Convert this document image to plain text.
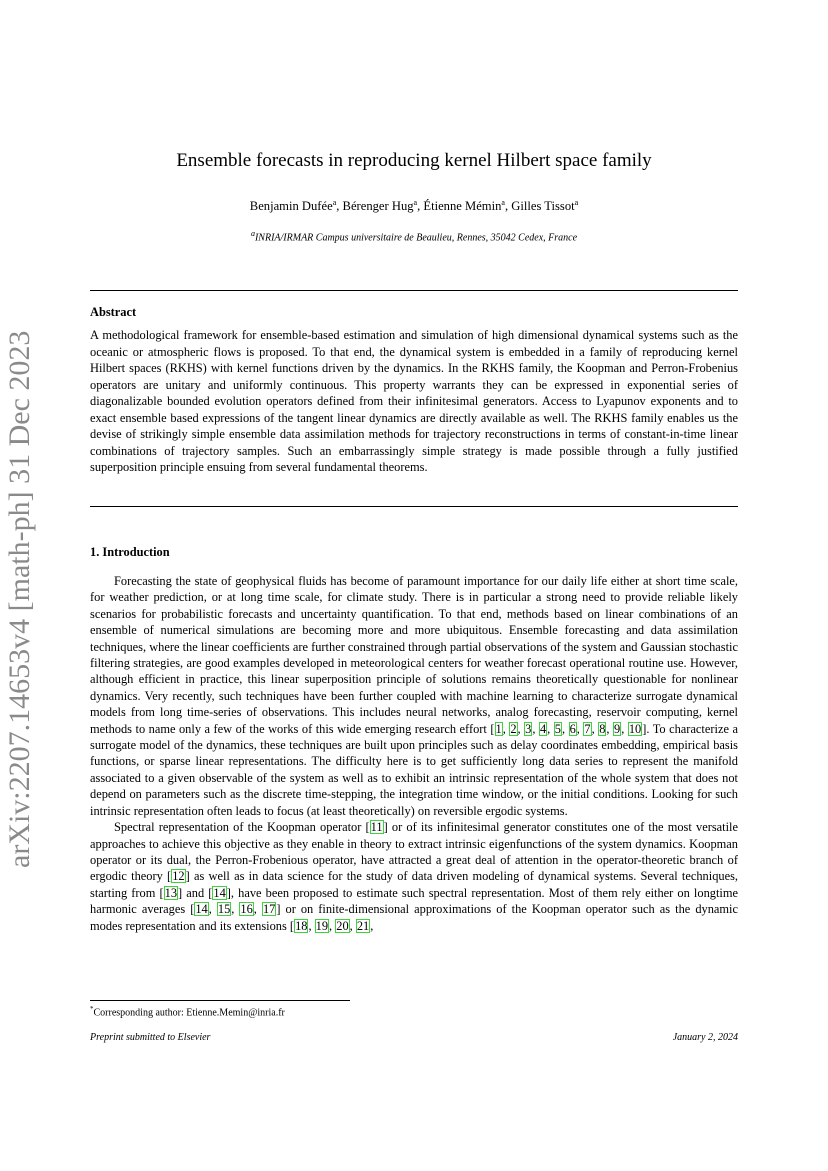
arXiv:2207.14653v4 [math-ph] 31 Dec 2023
Ensemble forecasts in reproducing kernel Hilbert space family
Benjamin Dufée$^a$, Bérenger Hug$^a$, Étienne Mémin$^a$, Gilles Tissot$^a$
$^a$INRIA/IRMAR Campus universitaire de Beaulieu, Rennes, 35042 Cedex, France
Abstract
A methodological framework for ensemble-based estimation and simulation of high dimensional dynamical systems such as the oceanic or atmospheric flows is proposed. To that end, the dynamical system is embedded in a family of reproducing kernel Hilbert spaces (RKHS) with kernel functions driven by the dynamics. In the RKHS family, the Koopman and Perron-Frobenius operators are unitary and uniformly continuous. This property warrants they can be expressed in exponential series of diagonalizable bounded evolution operators defined from their infinitesimal generators. Access to Lyapunov exponents and to exact ensemble based expressions of the tangent linear dynamics are directly available as well. The RKHS family enables us the devise of strikingly simple ensemble data assimilation methods for trajectory reconstructions in terms of constant-in-time linear combinations of trajectory samples. Such an embarrassingly simple strategy is made possible through a fully justified superposition principle ensuing from several fundamental theorems.
1. Introduction

Forecasting the state of geophysical fluids has become of paramount importance for our daily life either at short time scale, for weather prediction, or at long time scale, for climate study. There is in particular a strong need to provide reliable likely scenarios for probabilistic forecasts and uncertainty quantification. To that end, methods based on linear combinations of an ensemble of numerical simulations are becoming more and more ubiquitous. Ensemble forecasting and data assimilation techniques, where the linear coefficients are further constrained through partial observations of the system and Gaussian stochastic filtering strategies, are good examples developed in meteorological centers for weather forecast operational routine use. However, although efficient in practice, this linear superposition principle of solutions remains theoretically questionable for nonlinear dynamics. Very recently, such techniques have been further coupled with machine learning to characterize surrogate dynamical models from long time-series of observations. This includes neural networks, analog forecasting, reservoir computing, kernel methods to name only a few of the works of this wide emerging research effort [1, 2, 3, 4, 5, 6, 7, 8, 9, 10]. To characterize a surrogate model of the dynamics, these techniques are built upon principles such as delay coordinates embedding, empirical basis functions, or sparse linear representations. The difficulty here is to get sufficiently long data series to represent the manifold associated to a given observable of the system as well as to exhibit an intrinsic representation of the whole system that does not depend on parameters such as the discrete time-stepping, the integration time window, or the initial conditions. Looking for such intrinsic representation often leads to focus (at least theoretically) on reversible ergodic systems.

Spectral representation of the Koopman operator [11] or of its infinitesimal generator constitutes one of the most versatile approaches to achieve this objective as they enable in theory to extract intrinsic eigenfunctions of the system dynamics. Koopman operator or its dual, the Perron-Frobenious operator, have attracted a great deal of attention in the operator-theoretic branch of ergodic theory [12] as well as in data science for the study of data driven modeling of dynamical systems. Several techniques, starting from [13] and [14], have been proposed to estimate such spectral representation. Most of them rely either on longtime harmonic averages [14, 15, 16, 17] or on finite-dimensional approximations of the Koopman operator such as the dynamic modes representation and its extensions [18, 19, 20, 21,

*Corresponding author: Etienne.Memin@inria.fr
Preprint submitted to Elsevier	January 2, 2024
